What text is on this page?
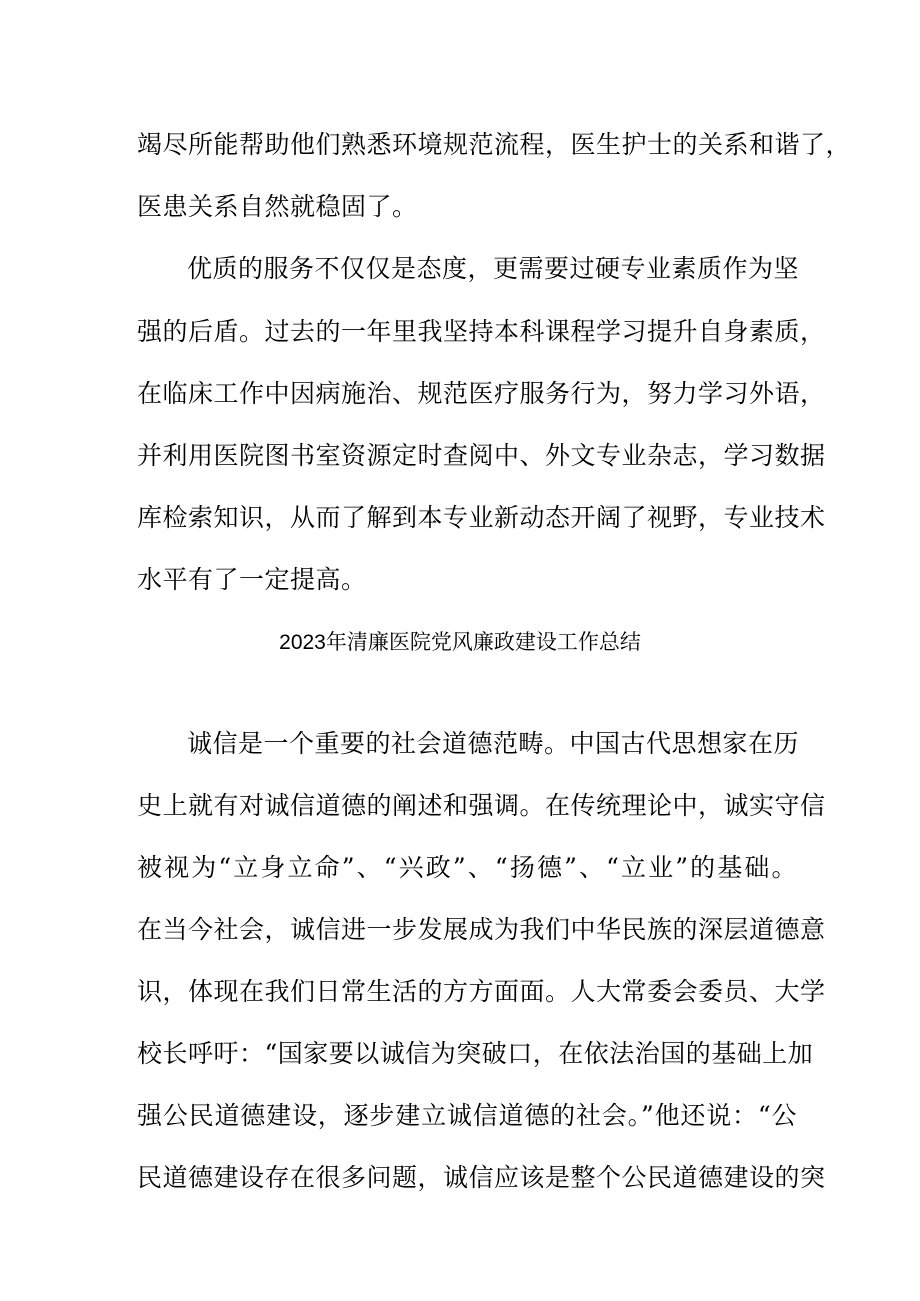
竭尽所能帮助他们熟悉环境规范流程，医生护士的关系和谐了，
医患关系自然就稳固了。
优质的服务不仅仅是态度，更需要过硬专业素质作为坚
强的后盾。过去的一年里我坚持本科课程学习提升自身素质，
在临床工作中因病施治、规范医疗服务行为，努力学习外语，
并利用医院图书室资源定时查阅中、外文专业杂志，学习数据
库检索知识，从而了解到本专业新动态开阔了视野，专业技术
水平有了一定提高。
2023年清廉医院党风廉政建设工作总结
诚信是一个重要的社会道德范畴。中国古代思想家在历
史上就有对诚信道德的阐述和强调。在传统理论中，诚实守信
被视为“立身立命”、“兴政”、“扬德”、“立业”的基础。
在当今社会，诚信进一步发展成为我们中华民族的深层道德意
识，体现在我们日常生活的方方面面。人大常委会委员、大学
校长呼吁：“国家要以诚信为突破口，在依法治国的基础上加
强公民道德建设，逐步建立诚信道德的社会。”他还说：“公
民道德建设存在很多问题，诚信应该是整个公民道德建设的突
